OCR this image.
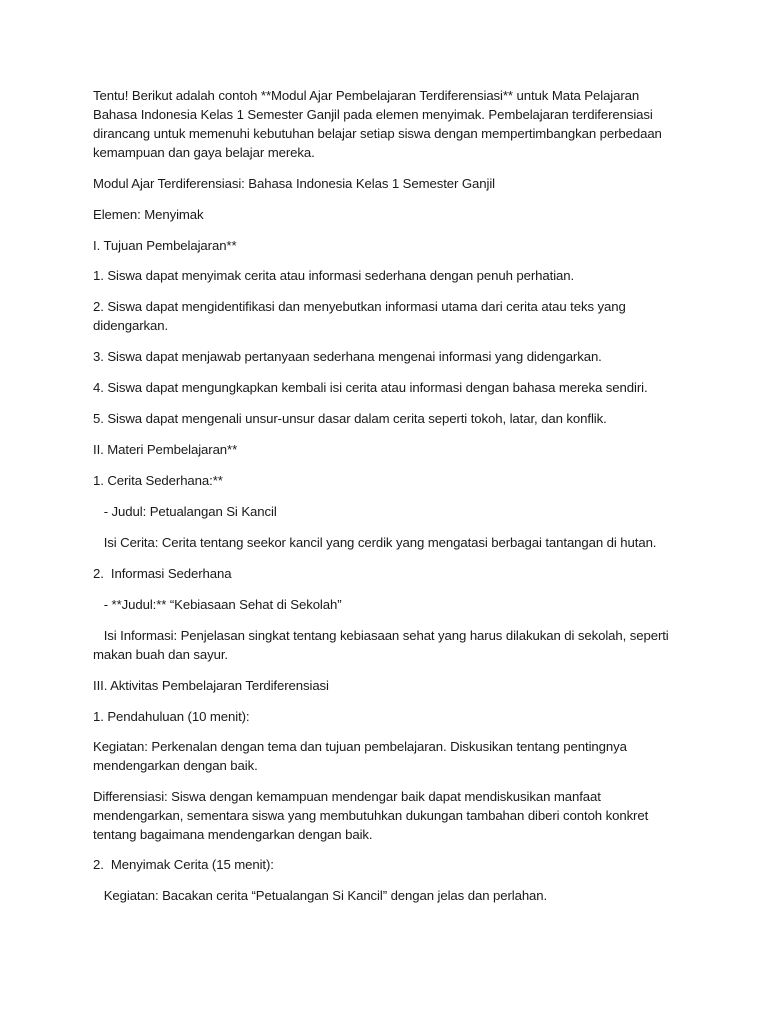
Tentu! Berikut adalah contoh **Modul Ajar Pembelajaran Terdiferensiasi** untuk Mata Pelajaran Bahasa Indonesia Kelas 1 Semester Ganjil pada elemen menyimak. Pembelajaran terdiferensiasi dirancang untuk memenuhi kebutuhan belajar setiap siswa dengan mempertimbangkan perbedaan kemampuan dan gaya belajar mereka.

Modul Ajar Terdiferensiasi: Bahasa Indonesia Kelas 1 Semester Ganjil

Elemen: Menyimak

I. Tujuan Pembelajaran**

1. Siswa dapat menyimak cerita atau informasi sederhana dengan penuh perhatian.

2. Siswa dapat mengidentifikasi dan menyebutkan informasi utama dari cerita atau teks yang didengarkan.

3. Siswa dapat menjawab pertanyaan sederhana mengenai informasi yang didengarkan.

4. Siswa dapat mengungkapkan kembali isi cerita atau informasi dengan bahasa mereka sendiri.

5. Siswa dapat mengenali unsur-unsur dasar dalam cerita seperti tokoh, latar, dan konflik.

II. Materi Pembelajaran**

1. Cerita Sederhana:**

- Judul: Petualangan Si Kancil

Isi Cerita: Cerita tentang seekor kancil yang cerdik yang mengatasi berbagai tantangan di hutan.

2.  Informasi Sederhana

- **Judul:** “Kebiasaan Sehat di Sekolah”

Isi Informasi: Penjelasan singkat tentang kebiasaan sehat yang harus dilakukan di sekolah, seperti makan buah dan sayur.

III. Aktivitas Pembelajaran Terdiferensiasi

1. Pendahuluan (10 menit):

Kegiatan: Perkenalan dengan tema dan tujuan pembelajaran. Diskusikan tentang pentingnya mendengarkan dengan baik.

Differensiasi: Siswa dengan kemampuan mendengar baik dapat mendiskusikan manfaat mendengarkan, sementara siswa yang membutuhkan dukungan tambahan diberi contoh konkret tentang bagaimana mendengarkan dengan baik.

2.  Menyimak Cerita (15 menit):

Kegiatan: Bacakan cerita “Petualangan Si Kancil” dengan jelas dan perlahan.
